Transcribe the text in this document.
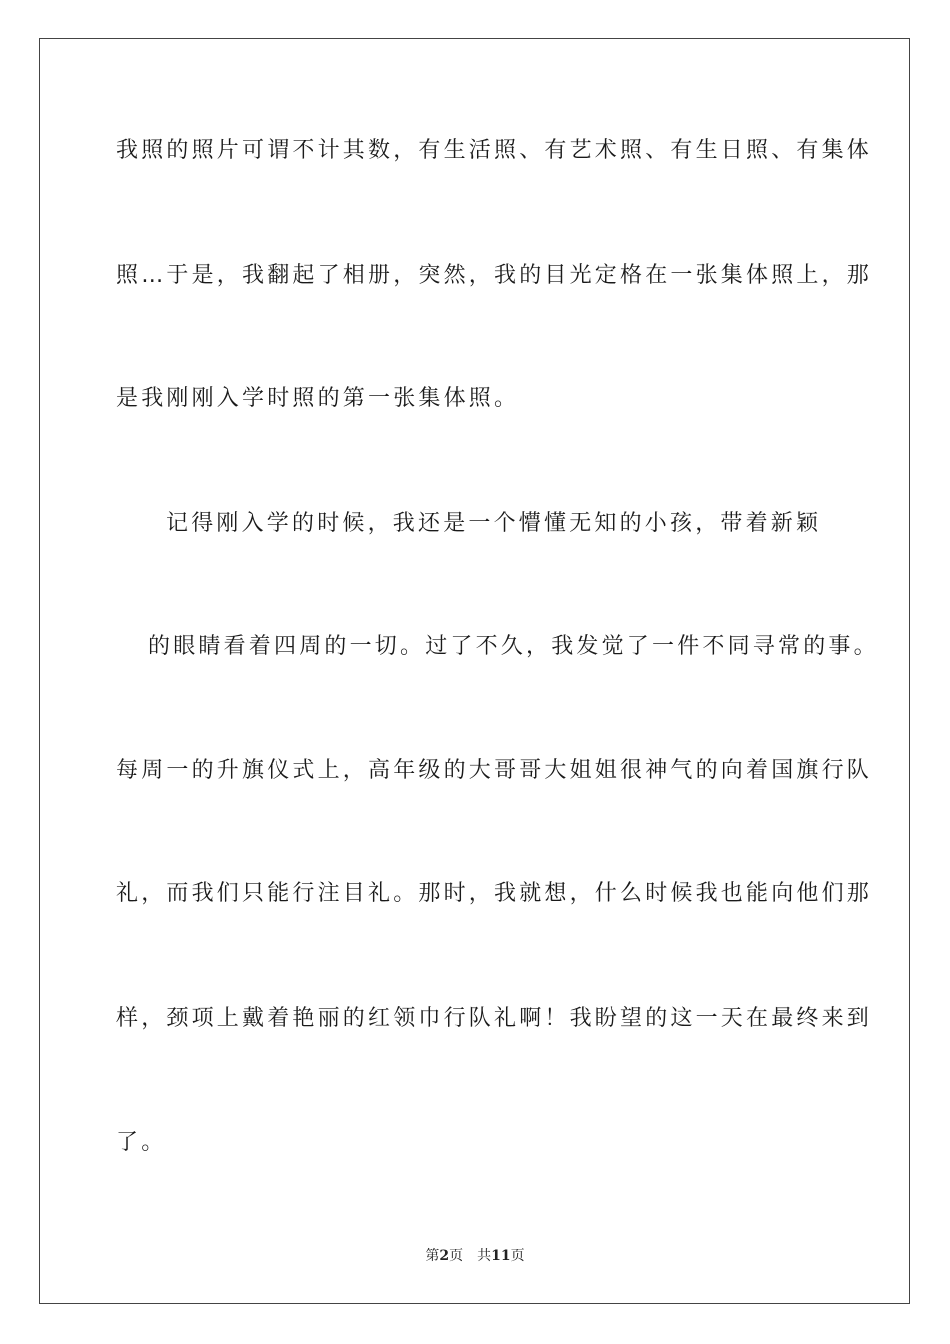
我照的照片可谓不计其数，有生活照、有艺术照、有生日照、有集体
照…于是，我翻起了相册，突然，我的目光定格在一张集体照上，那
是我刚刚入学时照的第一张集体照。
记得刚入学的时候，我还是一个懵懂无知的小孩，带着新颖
的眼睛看着四周的一切。过了不久，我发觉了一件不同寻常的事。
每周一的升旗仪式上，高年级的大哥哥大姐姐很神气的向着国旗行队
礼，而我们只能行注目礼。那时，我就想，什么时候我也能向他们那
样，颈项上戴着艳丽的红领巾行队礼啊！我盼望的这一天在最终来到
了。
第2页 共11页
